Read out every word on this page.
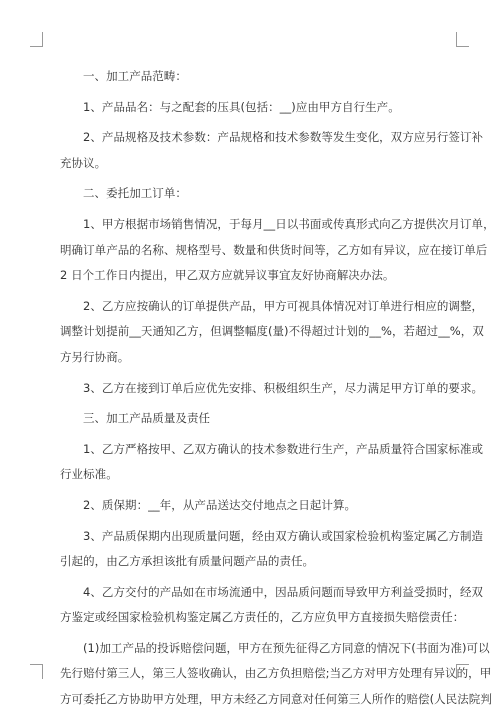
一、加工产品范畴：

1、产品品名：与之配套的压具(包括：__)应由甲方自行生产。

2、产品规格及技术参数：产品规格和技术参数等发生变化，双方应另行签订补
充协议。

二、委托加工订单：

1、甲方根据市场销售情况，于每月__日以书面或传真形式向乙方提供次月订单，
明确订单产品的名称、规格型号、数量和供货时间等，乙方如有异议，应在接订单后
2 日个工作日内提出，甲乙双方应就异议事宜友好协商解决办法。

2、乙方应按确认的订单提供产品，甲方可视具体情况对订单进行相应的调整，
调整计划提前__天通知乙方，但调整幅度(量)不得超过计划的__%，若超过__%，双
方另行协商。

3、乙方在接到订单后应优先安排、积极组织生产，尽力满足甲方订单的要求。

三、加工产品质量及责任

1、乙方严格按甲、乙双方确认的技术参数进行生产，产品质量符合国家标准或
行业标准。

2、质保期：__年，从产品送达交付地点之日起计算。

3、产品质保期内出现质量问题，经由双方确认或国家检验机构鉴定属乙方制造
引起的，由乙方承担该批有质量问题产品的责任。

4、乙方交付的产品如在市场流通中，因品质问题而导致甲方利益受损时，经双
方鉴定或经国家检验机构鉴定属乙方责任的，乙方应负甲方直接损失赔偿责任：

(1)加工产品的投诉赔偿问题，甲方在预先征得乙方同意的情况下(书面为准)可以
先行赔付第三人，第三人签收确认，由乙方负担赔偿;当乙方对甲方处理有异议的，甲
方可委托乙方协助甲方处理，甲方未经乙方同意对任何第三人所作的赔偿(人民法院判
